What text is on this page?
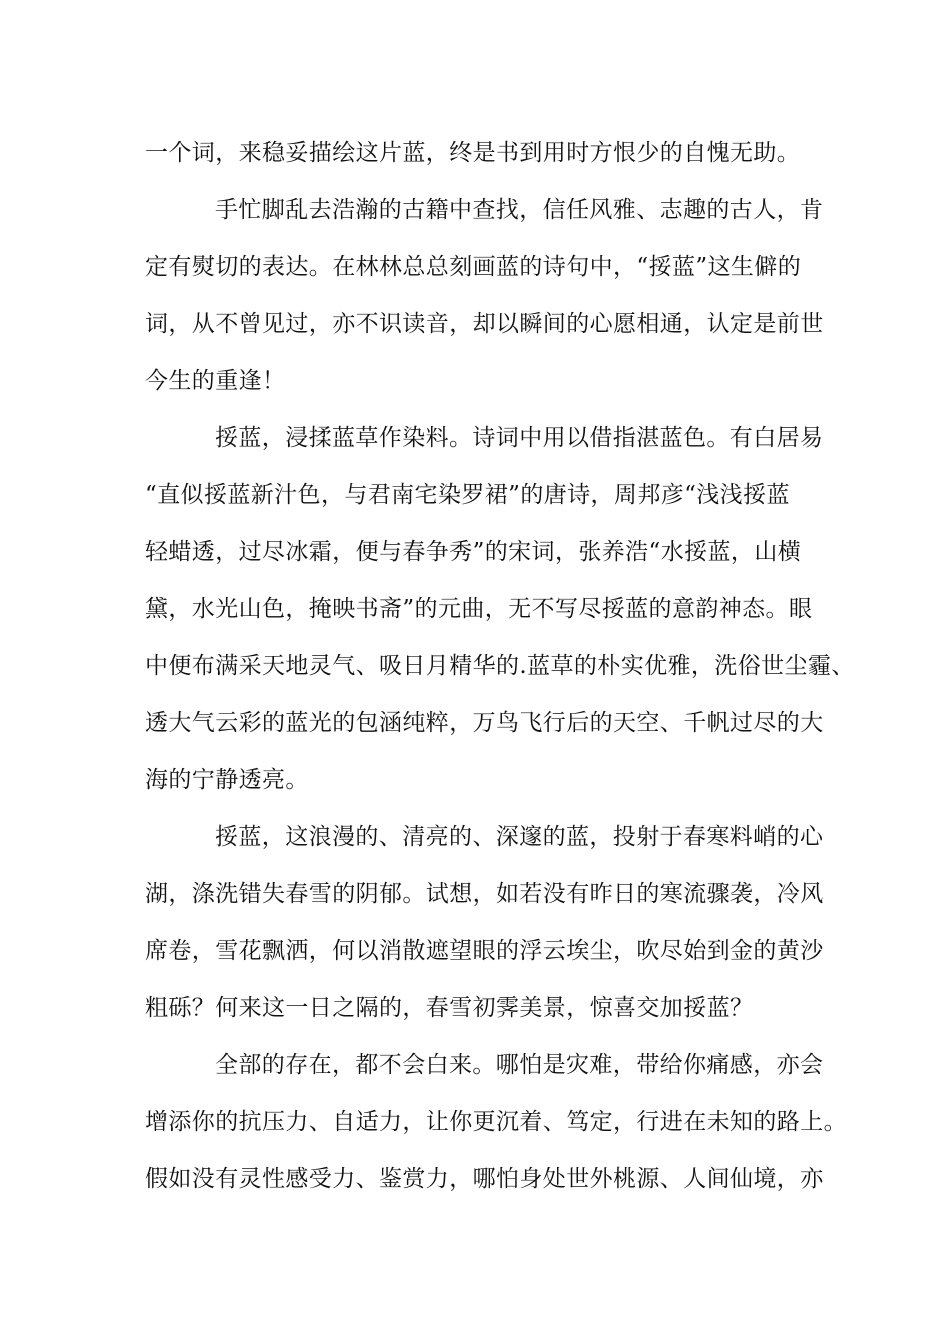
一个词，来稳妥描绘这片蓝，终是书到用时方恨少的自愧无助。
手忙脚乱去浩瀚的古籍中查找，信任风雅、志趣的古人，肯
定有熨切的表达。在林林总总刻画蓝的诗句中，“挼蓝”这生僻的
词，从不曾见过，亦不识读音，却以瞬间的心愿相通，认定是前世
今生的重逢！
挼蓝，浸揉蓝草作染料。诗词中用以借指湛蓝色。有白居易
“直似挼蓝新汁色，与君南宅染罗裙”的唐诗，周邦彦“浅浅挼蓝
轻蜡透，过尽冰霜，便与春争秀”的宋词，张养浩“水挼蓝，山横
黛，水光山色，掩映书斋”的元曲，无不写尽挼蓝的意韵神态。眼
中便布满采天地灵气、吸日月精华的.蓝草的朴实优雅，洗俗世尘霾、
透大气云彩的蓝光的包涵纯粹，万鸟飞行后的天空、千帆过尽的大
海的宁静透亮。
挼蓝，这浪漫的、清亮的、深邃的蓝，投射于春寒料峭的心
湖，涤洗错失春雪的阴郁。试想，如若没有昨日的寒流骤袭，冷风
席卷，雪花飘洒，何以消散遮望眼的浮云埃尘，吹尽始到金的黄沙
粗砾？何来这一日之隔的，春雪初霁美景，惊喜交加挼蓝？
全部的存在，都不会白来。哪怕是灾难，带给你痛感，亦会
增添你的抗压力、自适力，让你更沉着、笃定，行进在未知的路上。
假如没有灵性感受力、鉴赏力，哪怕身处世外桃源、人间仙境，亦
